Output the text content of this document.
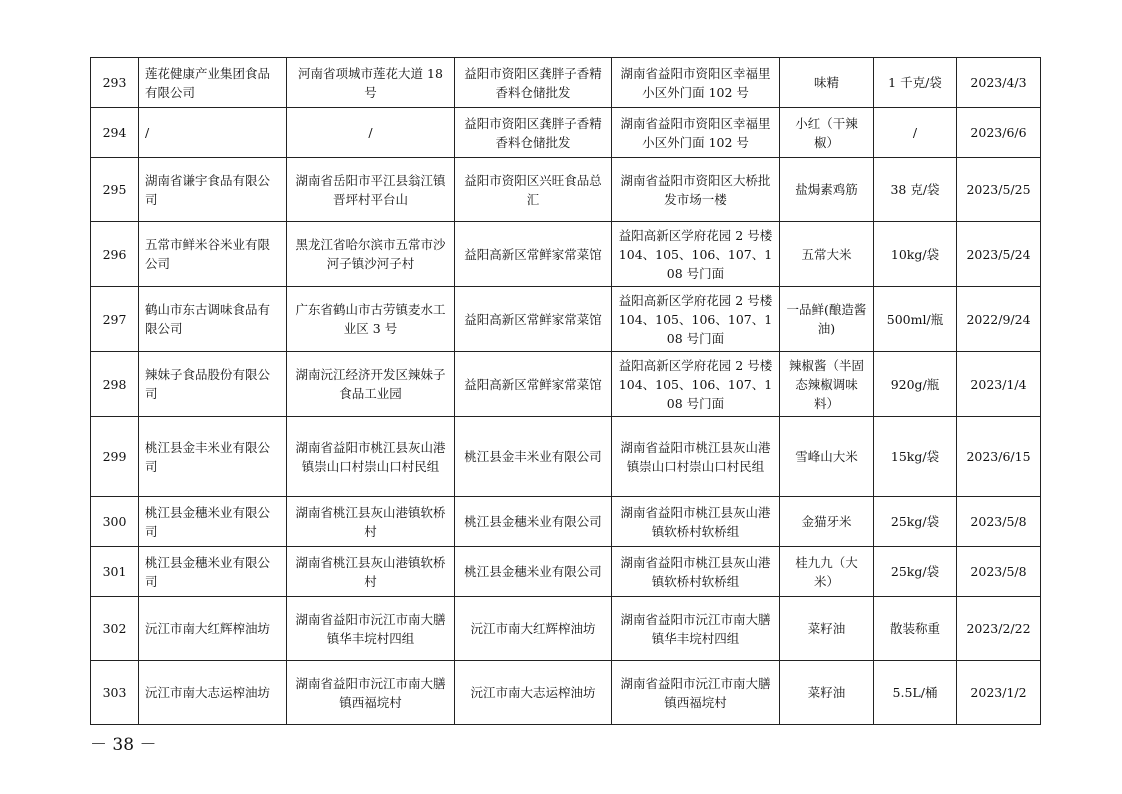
293	莲花健康产业集团食品有限公司	河南省项城市莲花大道 18 号	益阳市资阳区龚胖子香精香料仓储批发	湖南省益阳市资阳区幸福里小区外门面 102 号	味精	1 千克/袋	2023/4/3
294	/	/	益阳市资阳区龚胖子香精香料仓储批发	湖南省益阳市资阳区幸福里小区外门面 102 号	小红（干辣椒）	/	2023/6/6
295	湖南省谦宇食品有限公司	湖南省岳阳市平江县翁江镇晋坪村平台山	益阳市资阳区兴旺食品总汇	湖南省益阳市资阳区大桥批发市场一楼	盐焗素鸡筋	38 克/袋	2023/5/25
296	五常市鲜米谷米业有限公司	黑龙江省哈尔滨市五常市沙河子镇沙河子村	益阳高新区常鲜家常菜馆	益阳高新区学府花园 2 号楼 104、105、106、107、108 号门面	五常大米	10kg/袋	2023/5/24
297	鹤山市东古调味食品有限公司	广东省鹤山市古劳镇麦水工业区 3 号	益阳高新区常鲜家常菜馆	益阳高新区学府花园 2 号楼 104、105、106、107、108 号门面	一品鲜(酿造酱油)	500ml/瓶	2022/9/24
298	辣妹子食品股份有限公司	湖南沅江经济开发区辣妹子食品工业园	益阳高新区常鲜家常菜馆	益阳高新区学府花园 2 号楼 104、105、106、107、108 号门面	辣椒酱（半固态辣椒调味料）	920g/瓶	2023/1/4
299	桃江县金丰米业有限公司	湖南省益阳市桃江县灰山港镇崇山口村崇山口村民组	桃江县金丰米业有限公司	湖南省益阳市桃江县灰山港镇崇山口村崇山口村民组	雪峰山大米	15kg/袋	2023/6/15
300	桃江县金穗米业有限公司	湖南省桃江县灰山港镇软桥村	桃江县金穗米业有限公司	湖南省益阳市桃江县灰山港镇软桥村软桥组	金猫牙米	25kg/袋	2023/5/8
301	桃江县金穗米业有限公司	湖南省桃江县灰山港镇软桥村	桃江县金穗米业有限公司	湖南省益阳市桃江县灰山港镇软桥村软桥组	桂九九（大米）	25kg/袋	2023/5/8
302	沅江市南大红辉榨油坊	湖南省益阳市沅江市南大膳镇华丰垸村四组	沅江市南大红辉榨油坊	湖南省益阳市沅江市南大膳镇华丰垸村四组	菜籽油	散装称重	2023/2/22
303	沅江市南大志运榨油坊	湖南省益阳市沅江市南大膳镇西福垸村	沅江市南大志运榨油坊	湖南省益阳市沅江市南大膳镇西福垸村	菜籽油	5.5L/桶	2023/1/2
－ 38 －
